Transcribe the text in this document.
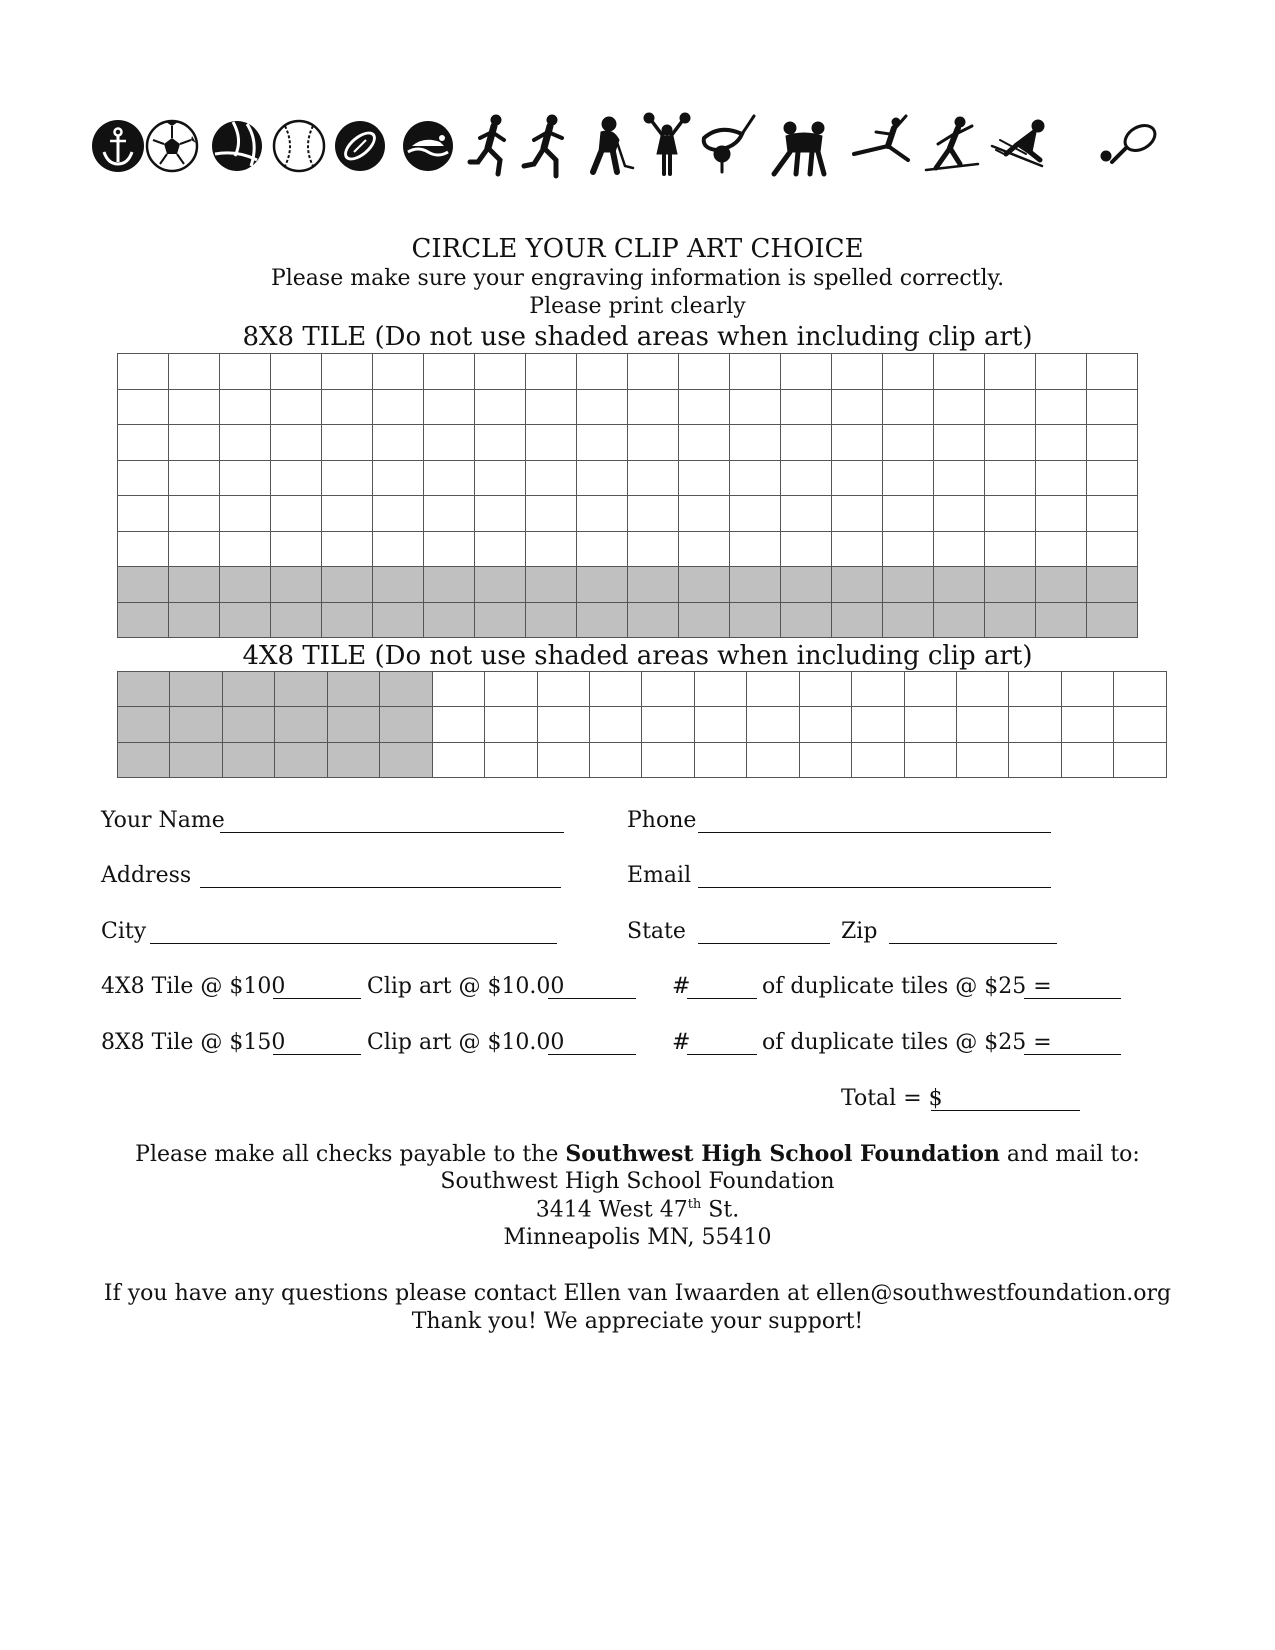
CIRCLE YOUR CLIP ART CHOICE
Please make sure your engraving information is spelled correctly.
Please print clearly
8X8 TILE (Do not use shaded areas when including clip art)

4X8 TILE (Do not use shaded areas when including clip art)

Your Name	Phone
Address	Email
City	State	Zip
4X8 Tile @ $100	Clip art @ $10.00	#	of duplicate tiles @ $25 =
8X8 Tile @ $150	Clip art @ $10.00	#	of duplicate tiles @ $25 =
Total = $
Please make all checks payable to the Southwest High School Foundation and mail to:
Southwest High School Foundation
3414 West 47th St.
Minneapolis MN, 55410
If you have any questions please contact Ellen van Iwaarden at ellen@southwestfoundation.org
Thank you! We appreciate your support!
